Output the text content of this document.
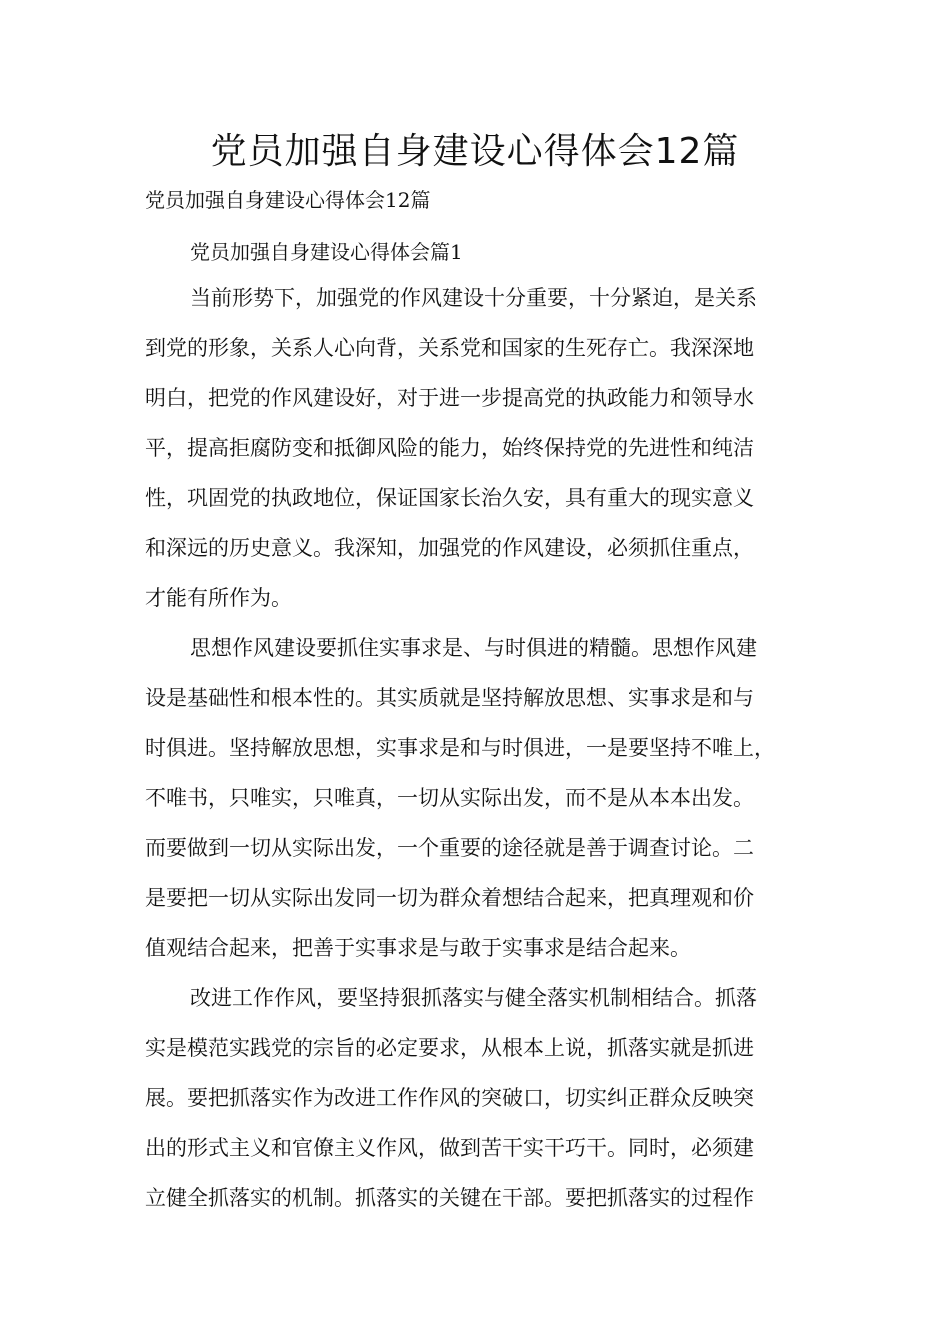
党员加强自身建设心得体会12篇
党员加强自身建设心得体会12篇
党员加强自身建设心得体会篇1
当前形势下，加强党的作风建设十分重要，十分紧迫，是关系
到党的形象，关系人心向背，关系党和国家的生死存亡。我深深地
明白，把党的作风建设好，对于进一步提高党的执政能力和领导水
平，提高拒腐防变和抵御风险的能力，始终保持党的先进性和纯洁
性，巩固党的执政地位，保证国家长治久安，具有重大的现实意义
和深远的历史意义。我深知，加强党的作风建设，必须抓住重点，
才能有所作为。
思想作风建设要抓住实事求是、与时俱进的精髓。思想作风建
设是基础性和根本性的。其实质就是坚持解放思想、实事求是和与
时俱进。坚持解放思想，实事求是和与时俱进，一是要坚持不唯上，
不唯书，只唯实，只唯真，一切从实际出发，而不是从本本出发。
而要做到一切从实际出发，一个重要的途径就是善于调查讨论。二
是要把一切从实际出发同一切为群众着想结合起来，把真理观和价
值观结合起来，把善于实事求是与敢于实事求是结合起来。
改进工作作风，要坚持狠抓落实与健全落实机制相结合。抓落
实是模范实践党的宗旨的必定要求，从根本上说，抓落实就是抓进
展。要把抓落实作为改进工作作风的突破口，切实纠正群众反映突
出的形式主义和官僚主义作风，做到苦干实干巧干。同时，必须建
立健全抓落实的机制。抓落实的关键在干部。要把抓落实的过程作
